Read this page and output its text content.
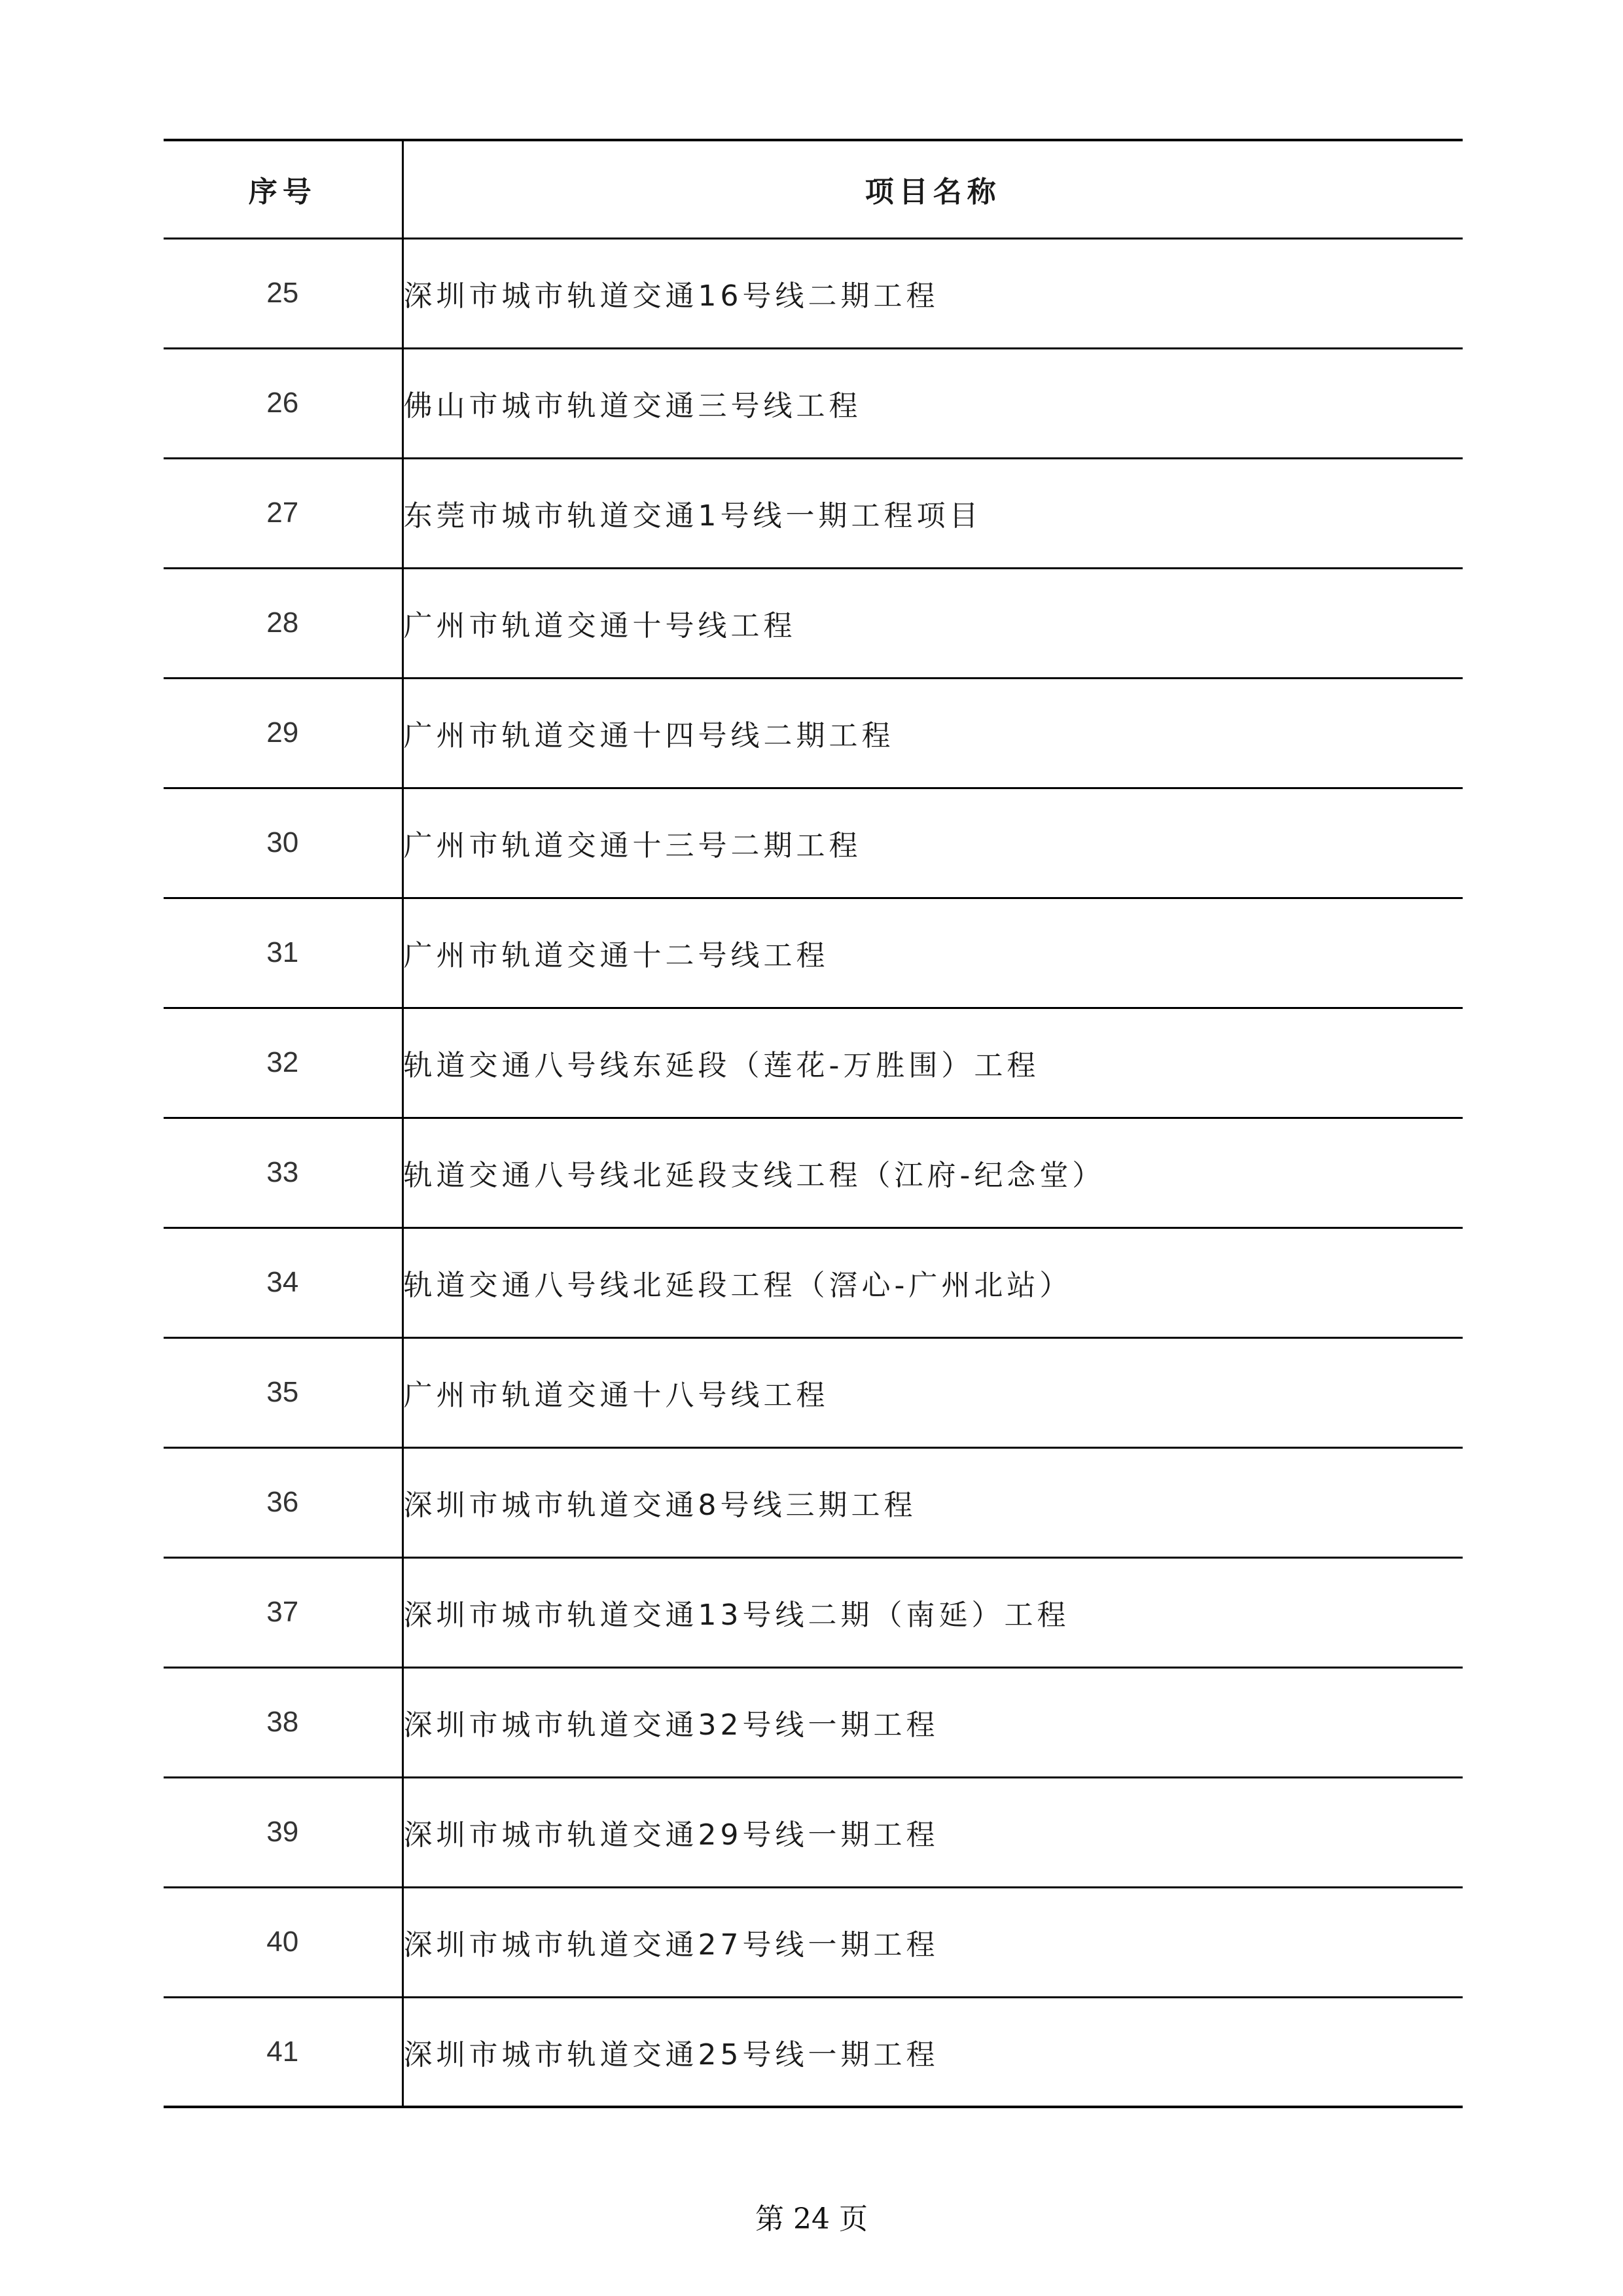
序号	项目名称
25	深圳市城市轨道交通16号线二期工程
26	佛山市城市轨道交通三号线工程
27	东莞市城市轨道交通1号线一期工程项目
28	广州市轨道交通十号线工程
29	广州市轨道交通十四号线二期工程
30	广州市轨道交通十三号二期工程
31	广州市轨道交通十二号线工程
32	轨道交通八号线东延段（莲花-万胜围）工程
33	轨道交通八号线北延段支线工程（江府-纪念堂）
34	轨道交通八号线北延段工程（滘心-广州北站）
35	广州市轨道交通十八号线工程
36	深圳市城市轨道交通8号线三期工程
37	深圳市城市轨道交通13号线二期（南延）工程
38	深圳市城市轨道交通32号线一期工程
39	深圳市城市轨道交通29号线一期工程
40	深圳市城市轨道交通27号线一期工程
41	深圳市城市轨道交通25号线一期工程
第 24 页
